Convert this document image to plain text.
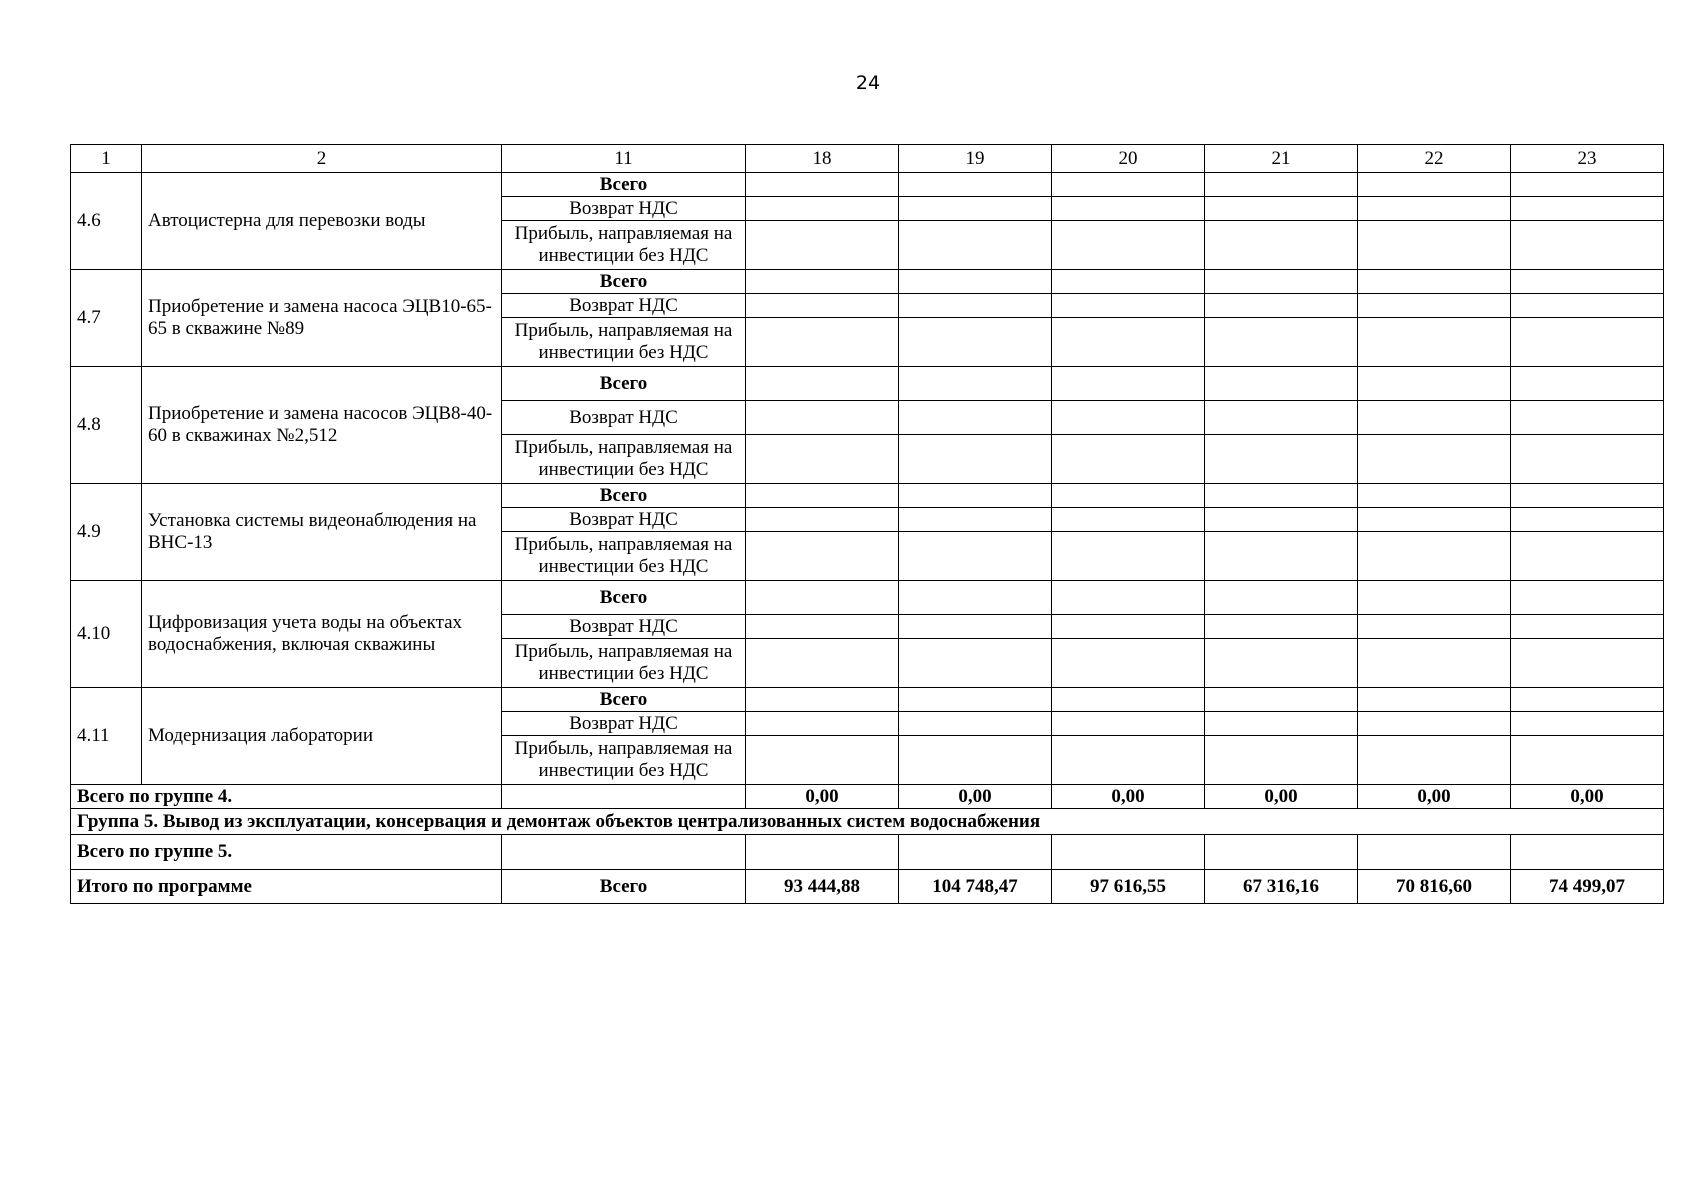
24
1	2	11	18	19	20	21	22	23
4.6	Автоцистерна для перевозки воды	Всего						
		Возврат НДС						
		Прибыль, направляемая на инвестиции без НДС						
4.7	Приобретение и замена насоса ЭЦВ10-65-65 в скважине №89	Всего						
		Возврат НДС						
		Прибыль, направляемая на инвестиции без НДС						
4.8	Приобретение и замена насосов ЭЦВ8-40-60 в скважинах №2,512	Всего						
		Возврат НДС						
		Прибыль, направляемая на инвестиции без НДС						
4.9	Установка системы видеонаблюдения на ВНС-13	Всего						
		Возврат НДС						
		Прибыль, направляемая на инвестиции без НДС						
4.10	Цифровизация учета воды на объектах водоснабжения, включая скважины	Всего						
		Возврат НДС						
		Прибыль, направляемая на инвестиции без НДС						
4.11	Модернизация лаборатории	Всего						
		Возврат НДС						
		Прибыль, направляемая на инвестиции без НДС						
Всего по группе 4.			0,00	0,00	0,00	0,00	0,00	0,00
Группа 5. Вывод из эксплуатации, консервация и демонтаж объектов централизованных систем водоснабжения								
Всего по группе 5.								
Итого по программе		Всего	93 444,88	104 748,47	97 616,55	67 316,16	70 816,60	74 499,07
